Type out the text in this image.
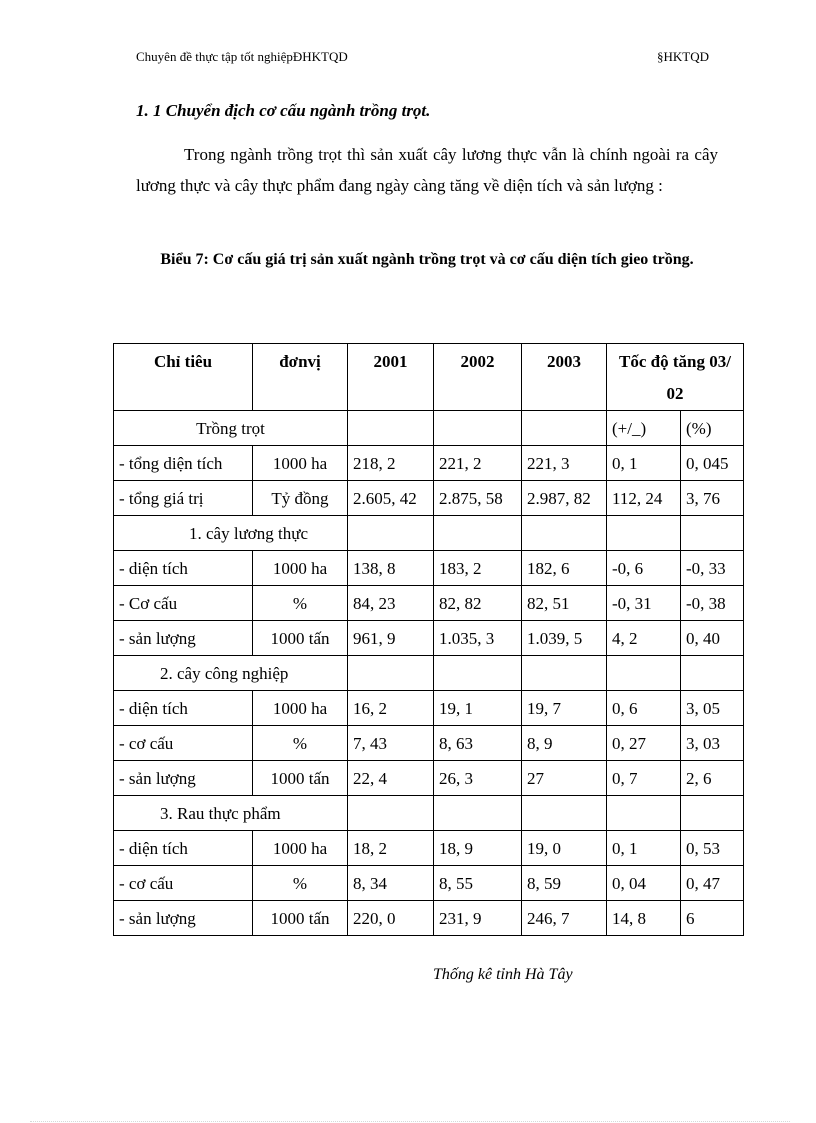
Chuyên đề thực tập tốt nghiệpĐHKTQD	§HKTQD
1. 1 Chuyển địch cơ cấu ngành trồng trọt.

Trong ngành trồng trọt thì sản xuất cây lương thực vẫn là chính ngoài ra cây lương thực và cây thực phẩm đang ngày càng tăng về diện tích và sản lượng :

Biểu 7: Cơ cấu giá trị sản xuất ngành trồng trọt và cơ cấu diện tích gieo trồng.

Chỉ tiêu	đơnvị	2001	2002	2003	Tốc độ tăng 03/ 02	
Trồng trọt					(+/_)	(%)
- tổng diện tích	1000 ha	218, 2	221, 2	221, 3	0, 1	0, 045
- tổng giá trị	Tỷ đồng	2.605, 42	2.875, 58	2.987, 82	112, 24	3, 76
1. cây lương thực						
- diện tích	1000 ha	138, 8	183, 2	182, 6	-0, 6	-0, 33
- Cơ cấu	%	84, 23	82, 82	82, 51	-0, 31	-0, 38
- sản lượng	1000 tấn	961, 9	1.035, 3	1.039, 5	4, 2	0, 40
2. cây công nghiệp						
- diện tích	1000 ha	16, 2	19, 1	19, 7	0, 6	3, 05
- cơ cấu	%	7, 43	8, 63	8, 9	0, 27	3, 03
- sản lượng	1000 tấn	22, 4	26, 3	27	0, 7	2, 6
3. Rau thực phẩm						
- diện tích	1000 ha	18, 2	18, 9	19, 0	0, 1	0, 53
- cơ cấu	%	8, 34	8, 55	8, 59	0, 04	0, 47
- sản lượng	1000 tấn	220, 0	231, 9	246, 7	14, 8	6
Thống kê tỉnh Hà Tây
